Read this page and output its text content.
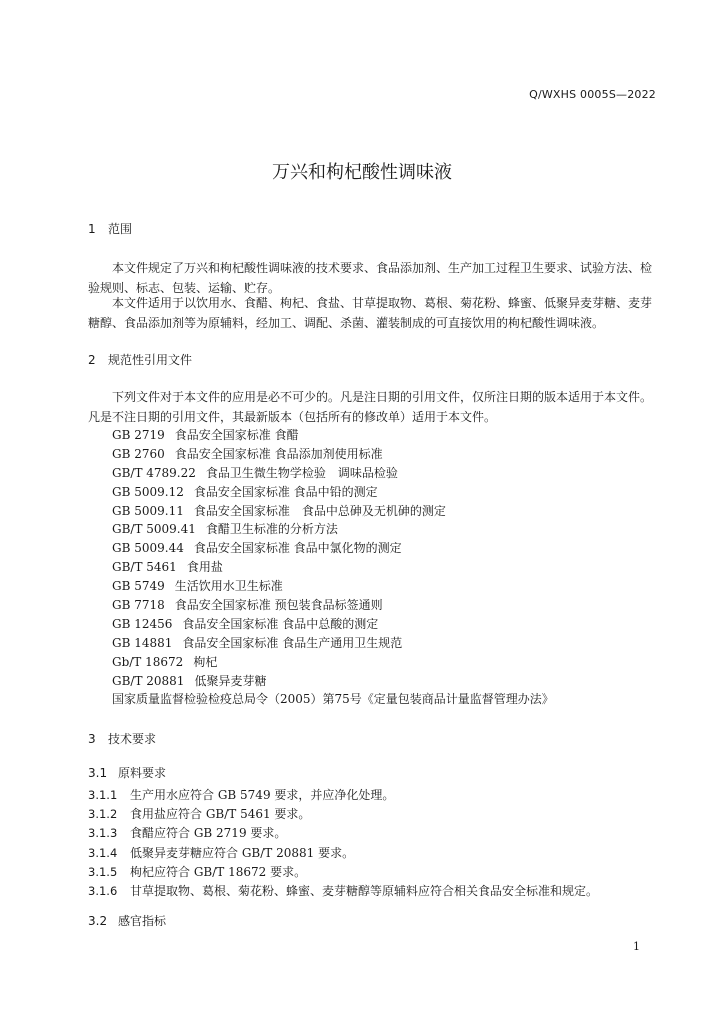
Q/WXHS 0005S—2022
万兴和枸杞酸性调味液
1 范围
本文件规定了万兴和枸杞酸性调味液的技术要求、食品添加剂、生产加工过程卫生要求、试验方法、检验规则、标志、包装、运输、贮存。
本文件适用于以饮用水、食醋、枸杞、食盐、甘草提取物、葛根、菊花粉、蜂蜜、低聚异麦芽糖、麦芽糖醇、食品添加剂等为原辅料，经加工、调配、杀菌、灌装制成的可直接饮用的枸杞酸性调味液。
2 规范性引用文件
下列文件对于本文件的应用是必不可少的。凡是注日期的引用文件，仅所注日期的版本适用于本文件。凡是不注日期的引用文件，其最新版本（包括所有的修改单）适用于本文件。
GB 2719 食品安全国家标准 食醋
GB 2760 食品安全国家标准 食品添加剂使用标准
GB/T 4789.22 食品卫生微生物学检验　调味品检验
GB 5009.12 食品安全国家标准 食品中铅的测定
GB 5009.11 食品安全国家标准　食品中总砷及无机砷的测定
GB/T 5009.41 食醋卫生标准的分析方法
GB 5009.44 食品安全国家标准 食品中氯化物的测定
GB/T 5461 食用盐
GB 5749 生活饮用水卫生标准
GB 7718 食品安全国家标准 预包装食品标签通则
GB 12456 食品安全国家标准 食品中总酸的测定
GB 14881 食品安全国家标准 食品生产通用卫生规范
Gb/T 18672 枸杞
GB/T 20881 低聚异麦芽糖
国家质量监督检验检疫总局令（2005）第75号《定量包装商品计量监督管理办法》
3 技术要求
3.1 原料要求
3.1.1 生产用水应符合 GB 5749 要求，并应净化处理。
3.1.2 食用盐应符合 GB/T 5461 要求。
3.1.3 食醋应符合 GB 2719 要求。
3.1.4 低聚异麦芽糖应符合 GB/T 20881 要求。
3.1.5 枸杞应符合 GB/T 18672 要求。
3.1.6 甘草提取物、葛根、菊花粉、蜂蜜、麦芽糖醇等原辅料应符合相关食品安全标准和规定。
3.2 感官指标
1
